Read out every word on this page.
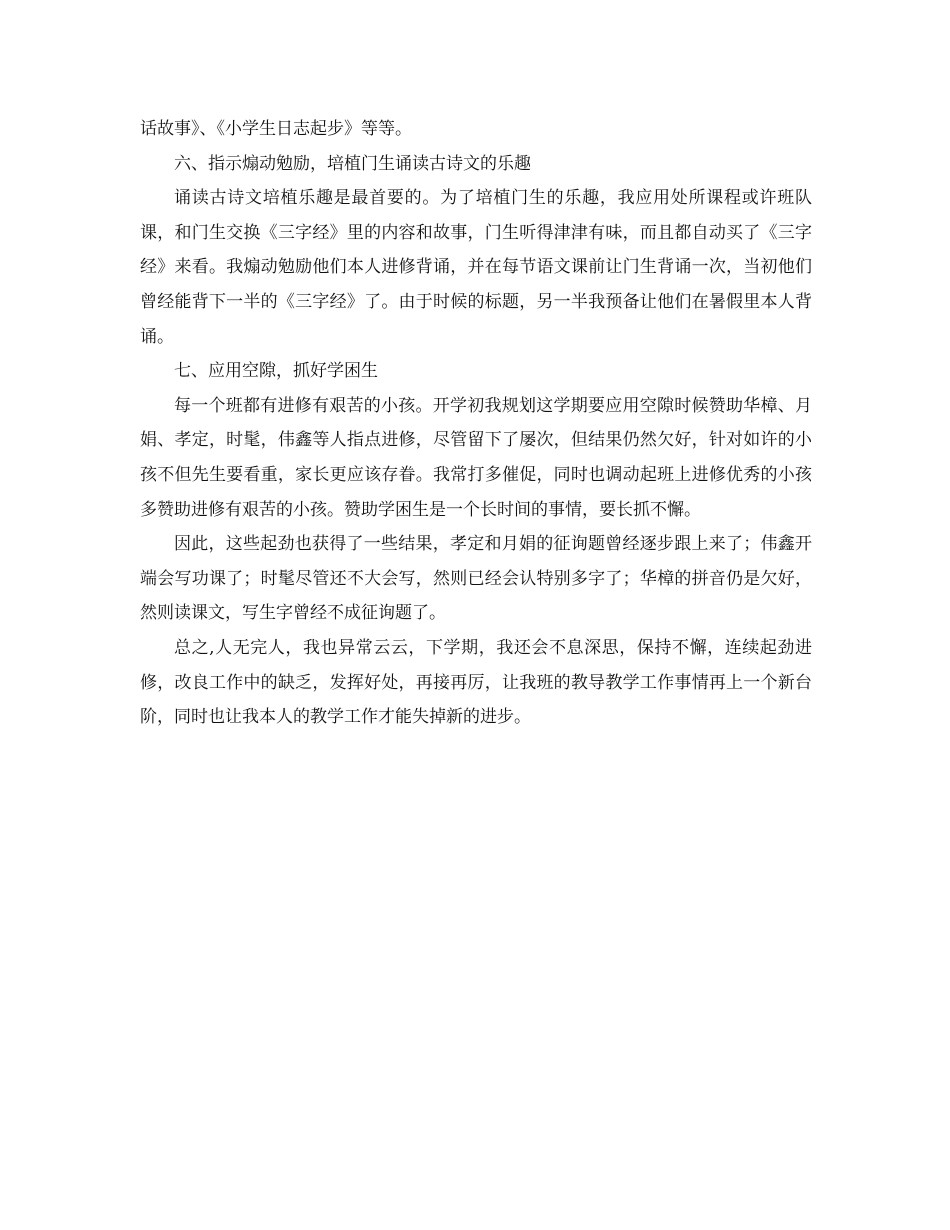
话故事》、《小学生日志起步》等等。

六、指示煽动勉励，培植门生诵读古诗文的乐趣

诵读古诗文培植乐趣是最首要的。为了培植门生的乐趣，我应用处所课程或许班队课，和门生交换《三字经》里的内容和故事，门生听得津津有味，而且都自动买了《三字经》来看。我煽动勉励他们本人进修背诵，并在每节语文课前让门生背诵一次，当初他们曾经能背下一半的《三字经》了。由于时候的标题，另一半我预备让他们在暑假里本人背诵。

七、应用空隙，抓好学困生

每一个班都有进修有艰苦的小孩。开学初我规划这学期要应用空隙时候赞助华樟、月娟、孝定，时髦，伟鑫等人指点进修，尽管留下了屡次，但结果仍然欠好，针对如许的小孩不但先生要看重，家长更应该存眷。我常打多催促，同时也调动起班上进修优秀的小孩多赞助进修有艰苦的小孩。赞助学困生是一个长时间的事情，要长抓不懈。

因此，这些起劲也获得了一些结果，孝定和月娟的征询题曾经逐步跟上来了；伟鑫开端会写功课了；时髦尽管还不大会写，然则已经会认特别多字了；华樟的拼音仍是欠好，然则读课文，写生字曾经不成征询题了。

总之,人无完人，我也异常云云，下学期，我还会不息深思，保持不懈，连续起劲进修，改良工作中的缺乏，发挥好处，再接再厉，让我班的教导教学工作事情再上一个新台阶，同时也让我本人的教学工作才能失掉新的进步。
